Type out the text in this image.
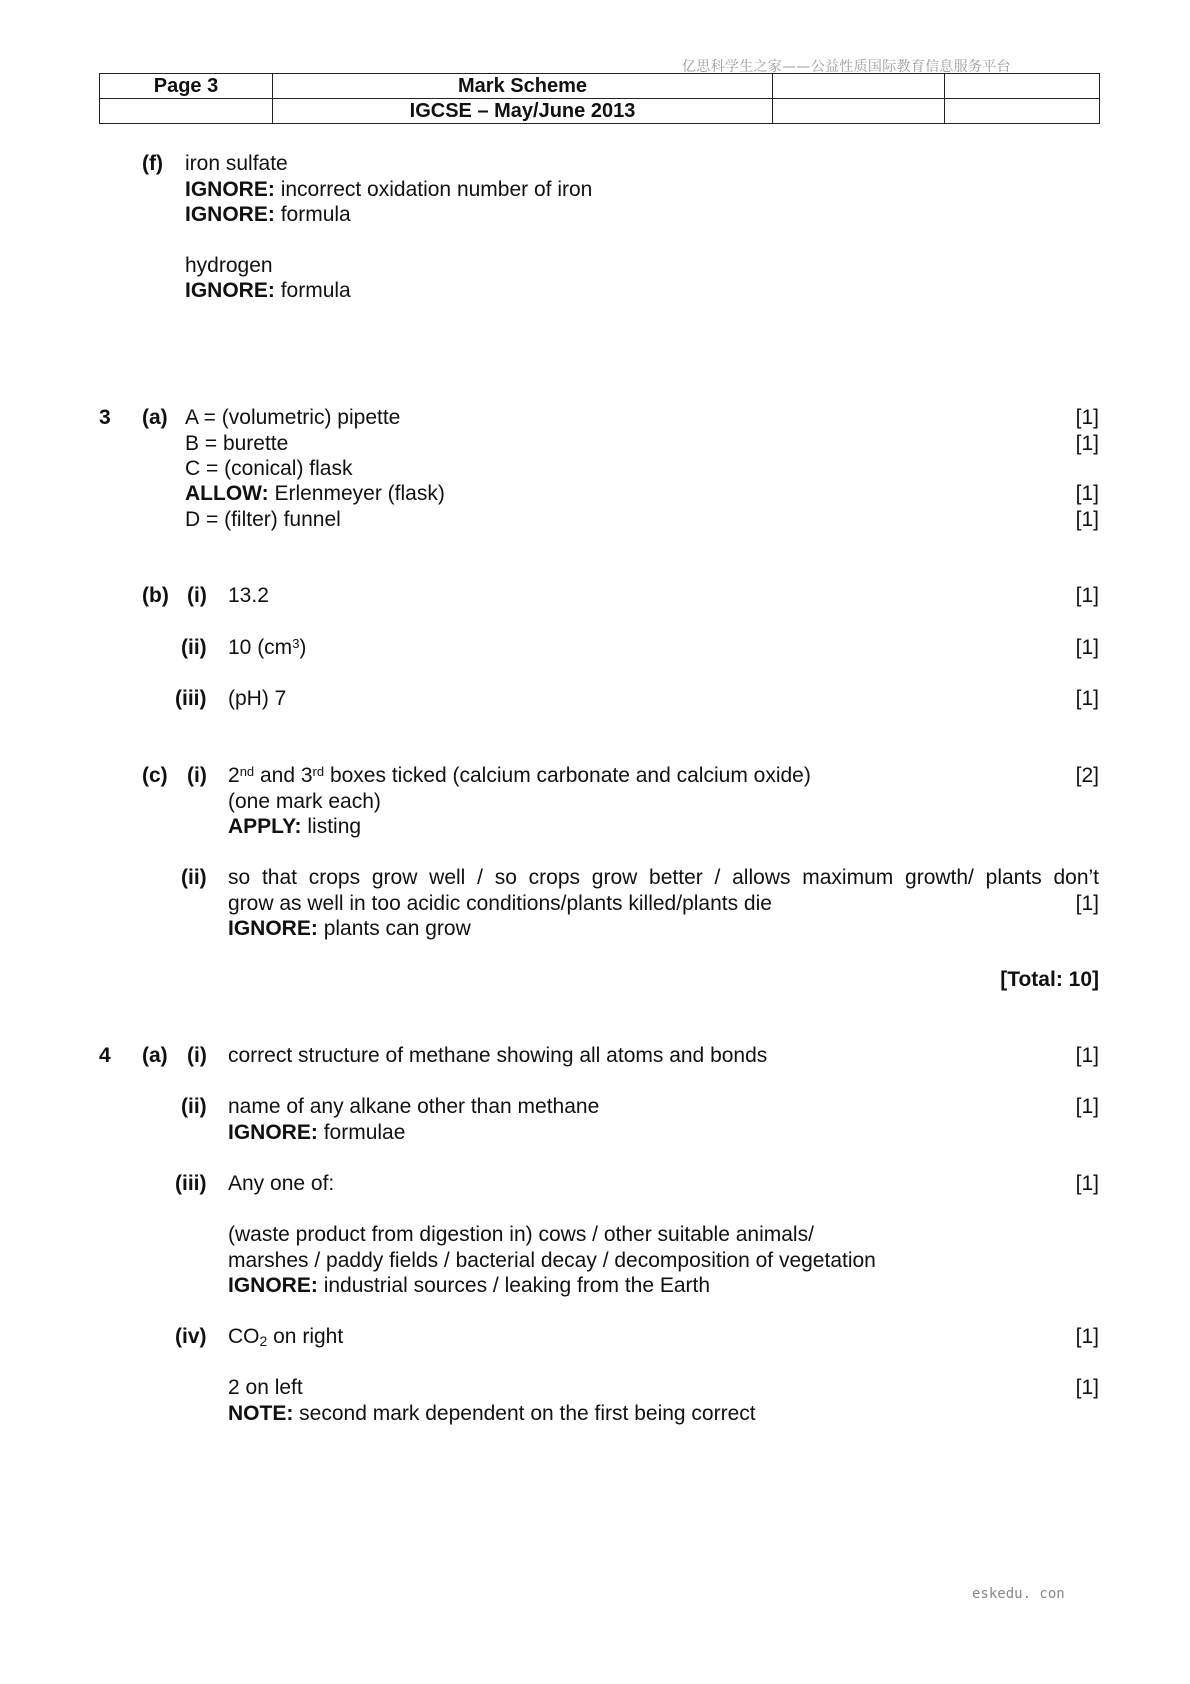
亿思科学生之家——公益性质国际教育信息服务平台
Page 3	Mark Scheme		
	IGCSE – May/June 2013		
(f) iron sulfate
IGNORE: incorrect oxidation number of iron
IGNORE: formula
hydrogen
IGNORE: formula
3 (a) A = (volumetric) pipette	[1]
B = burette	[1]
C = (conical) flask
ALLOW: Erlenmeyer (flask)	[1]
D = (filter) funnel	[1]
(b) (i) 13.2	[1]
(ii) 10 $(cm^3)$	[1]
(iii) (pH) 7	[1]
(c) (i) 2nd and 3rd boxes ticked (calcium carbonate and calcium oxide)	[2]
(one mark each)
APPLY: listing
(ii) so that crops grow well / so crops grow better / allows maximum growth/ plants don’t
grow as well in too acidic conditions/plants killed/plants die	[1]
IGNORE: plants can grow
[Total: 10]
4 (a) (i) correct structure of methane showing all atoms and bonds	[1]
(ii) name of any alkane other than methane	[1]
IGNORE: formulae
(iii) Any one of:	[1]
(waste product from digestion in) cows / other suitable animals/
marshes / paddy fields / bacterial decay / decomposition of vegetation
IGNORE: industrial sources / leaking from the Earth
(iv) $CO_2$ on right	[1]
2 on left	[1]
NOTE: second mark dependent on the first being correct
eskedu. con
